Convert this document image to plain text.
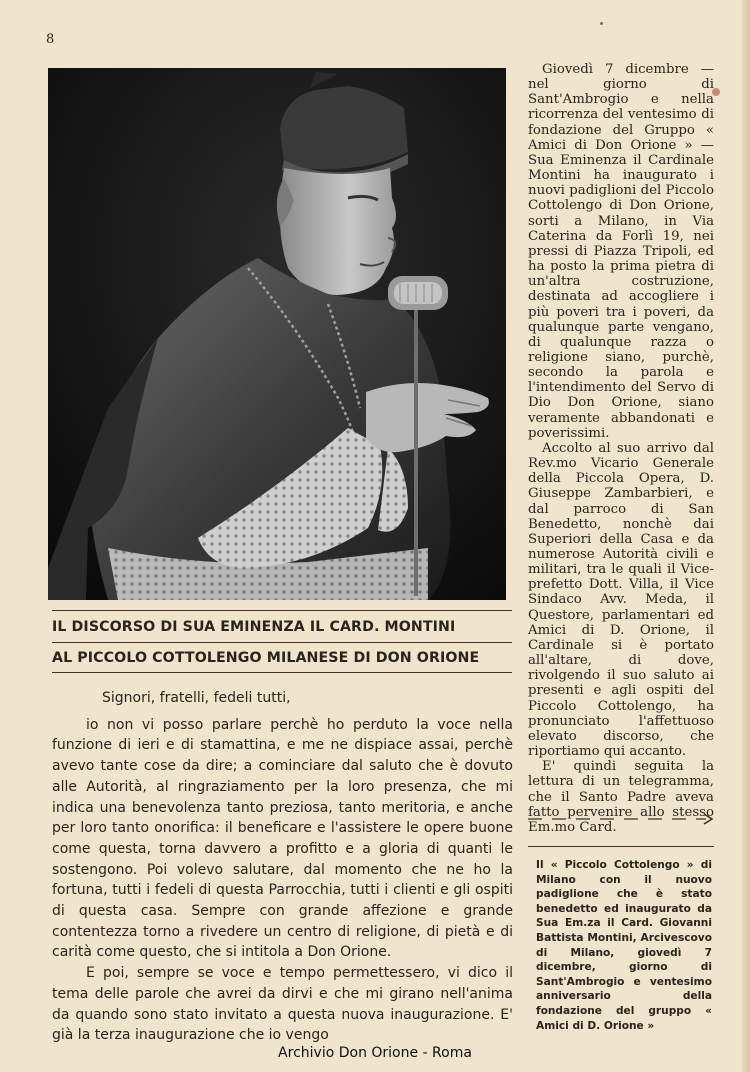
8

Giovedì 7 dicembre — nel giorno di Sant'Ambrogio e nella ricorrenza del ventesimo di fondazione del Gruppo « Amici di Don Orione » — Sua Eminenza il Cardinale Montini ha inaugurato i nuovi padiglioni del Piccolo Cottolengo di Don Orione, sorti a Milano, in Via Caterina da Forlì 19, nei pressi di Piazza Tripoli, ed ha posto la prima pietra di un'altra costruzione, destinata ad accogliere i più poveri tra i poveri, da qualunque parte vengano, di qualunque razza o religione siano, purchè, secondo la parola e l'intendimento del Servo di Dio Don Orione, siano veramente abbandonati e poverissimi.

Accolto al suo arrivo dal Rev.mo Vicario Generale della Piccola Opera, D. Giuseppe Zambarbieri, e dal parroco di San Benedetto, nonchè dai Superiori della Casa e da numerose Autorità civili e militari, tra le quali il Vice-prefetto Dott. Villa, il Vice Sindaco Avv. Meda, il Questore, parlamentari ed Amici di D. Orione, il Cardinale si è portato all'altare, di dove, rivolgendo il suo saluto ai presenti e agli ospiti del Piccolo Cottolengo, ha pronunciato l'affettuoso elevato discorso, che riportiamo qui accanto.

E' quindi seguita la lettura di un telegramma, che il Santo Padre aveva fatto pervenire allo stesso Em.mo Card.

Il « Piccolo Cottolengo » di Milano con il nuovo padiglione che è stato benedetto ed inaugurato da Sua Em.za il Card. Giovanni Battista Montini, Arcivescovo di Milano, giovedì 7 dicembre, giorno di Sant'Ambrogio e ventesimo anniversario della fondazione del gruppo « Amici di D. Orione »

IL DISCORSO DI SUA EMINENZA IL CARD. MONTINI
AL PICCOLO COTTOLENGO MILANESE DI DON ORIONE

Signori, fratelli, fedeli tutti,

io non vi posso parlare perchè ho perduto la voce nella funzione di ieri e di stamattina, e me ne dispiace assai, perchè avevo tante cose da dire; a cominciare dal saluto che è dovuto alle Autorità, al ringraziamento per la loro presenza, che mi indica una benevolenza tanto preziosa, tanto meritoria, e anche per loro tanto onorifica: il beneficare e l'assistere le opere buone come questa, torna davvero a profitto e a gloria di quanti le sostengono. Poi volevo salutare, dal momento che ne ho la fortuna, tutti i fedeli di questa Parrocchia, tutti i clienti e gli ospiti di questa casa. Sempre con grande affezione e grande contentezza torno a rivedere un centro di religione, di pietà e di carità come questo, che si intitola a Don Orione.

E poi, sempre se voce e tempo permettessero, vi dico il tema delle parole che avrei da dirvi e che mi girano nell'anima da quando sono stato invitato a questa nuova inaugurazione. E' già la terza inaugurazione che io vengo

Archivio Don Orione - Roma
